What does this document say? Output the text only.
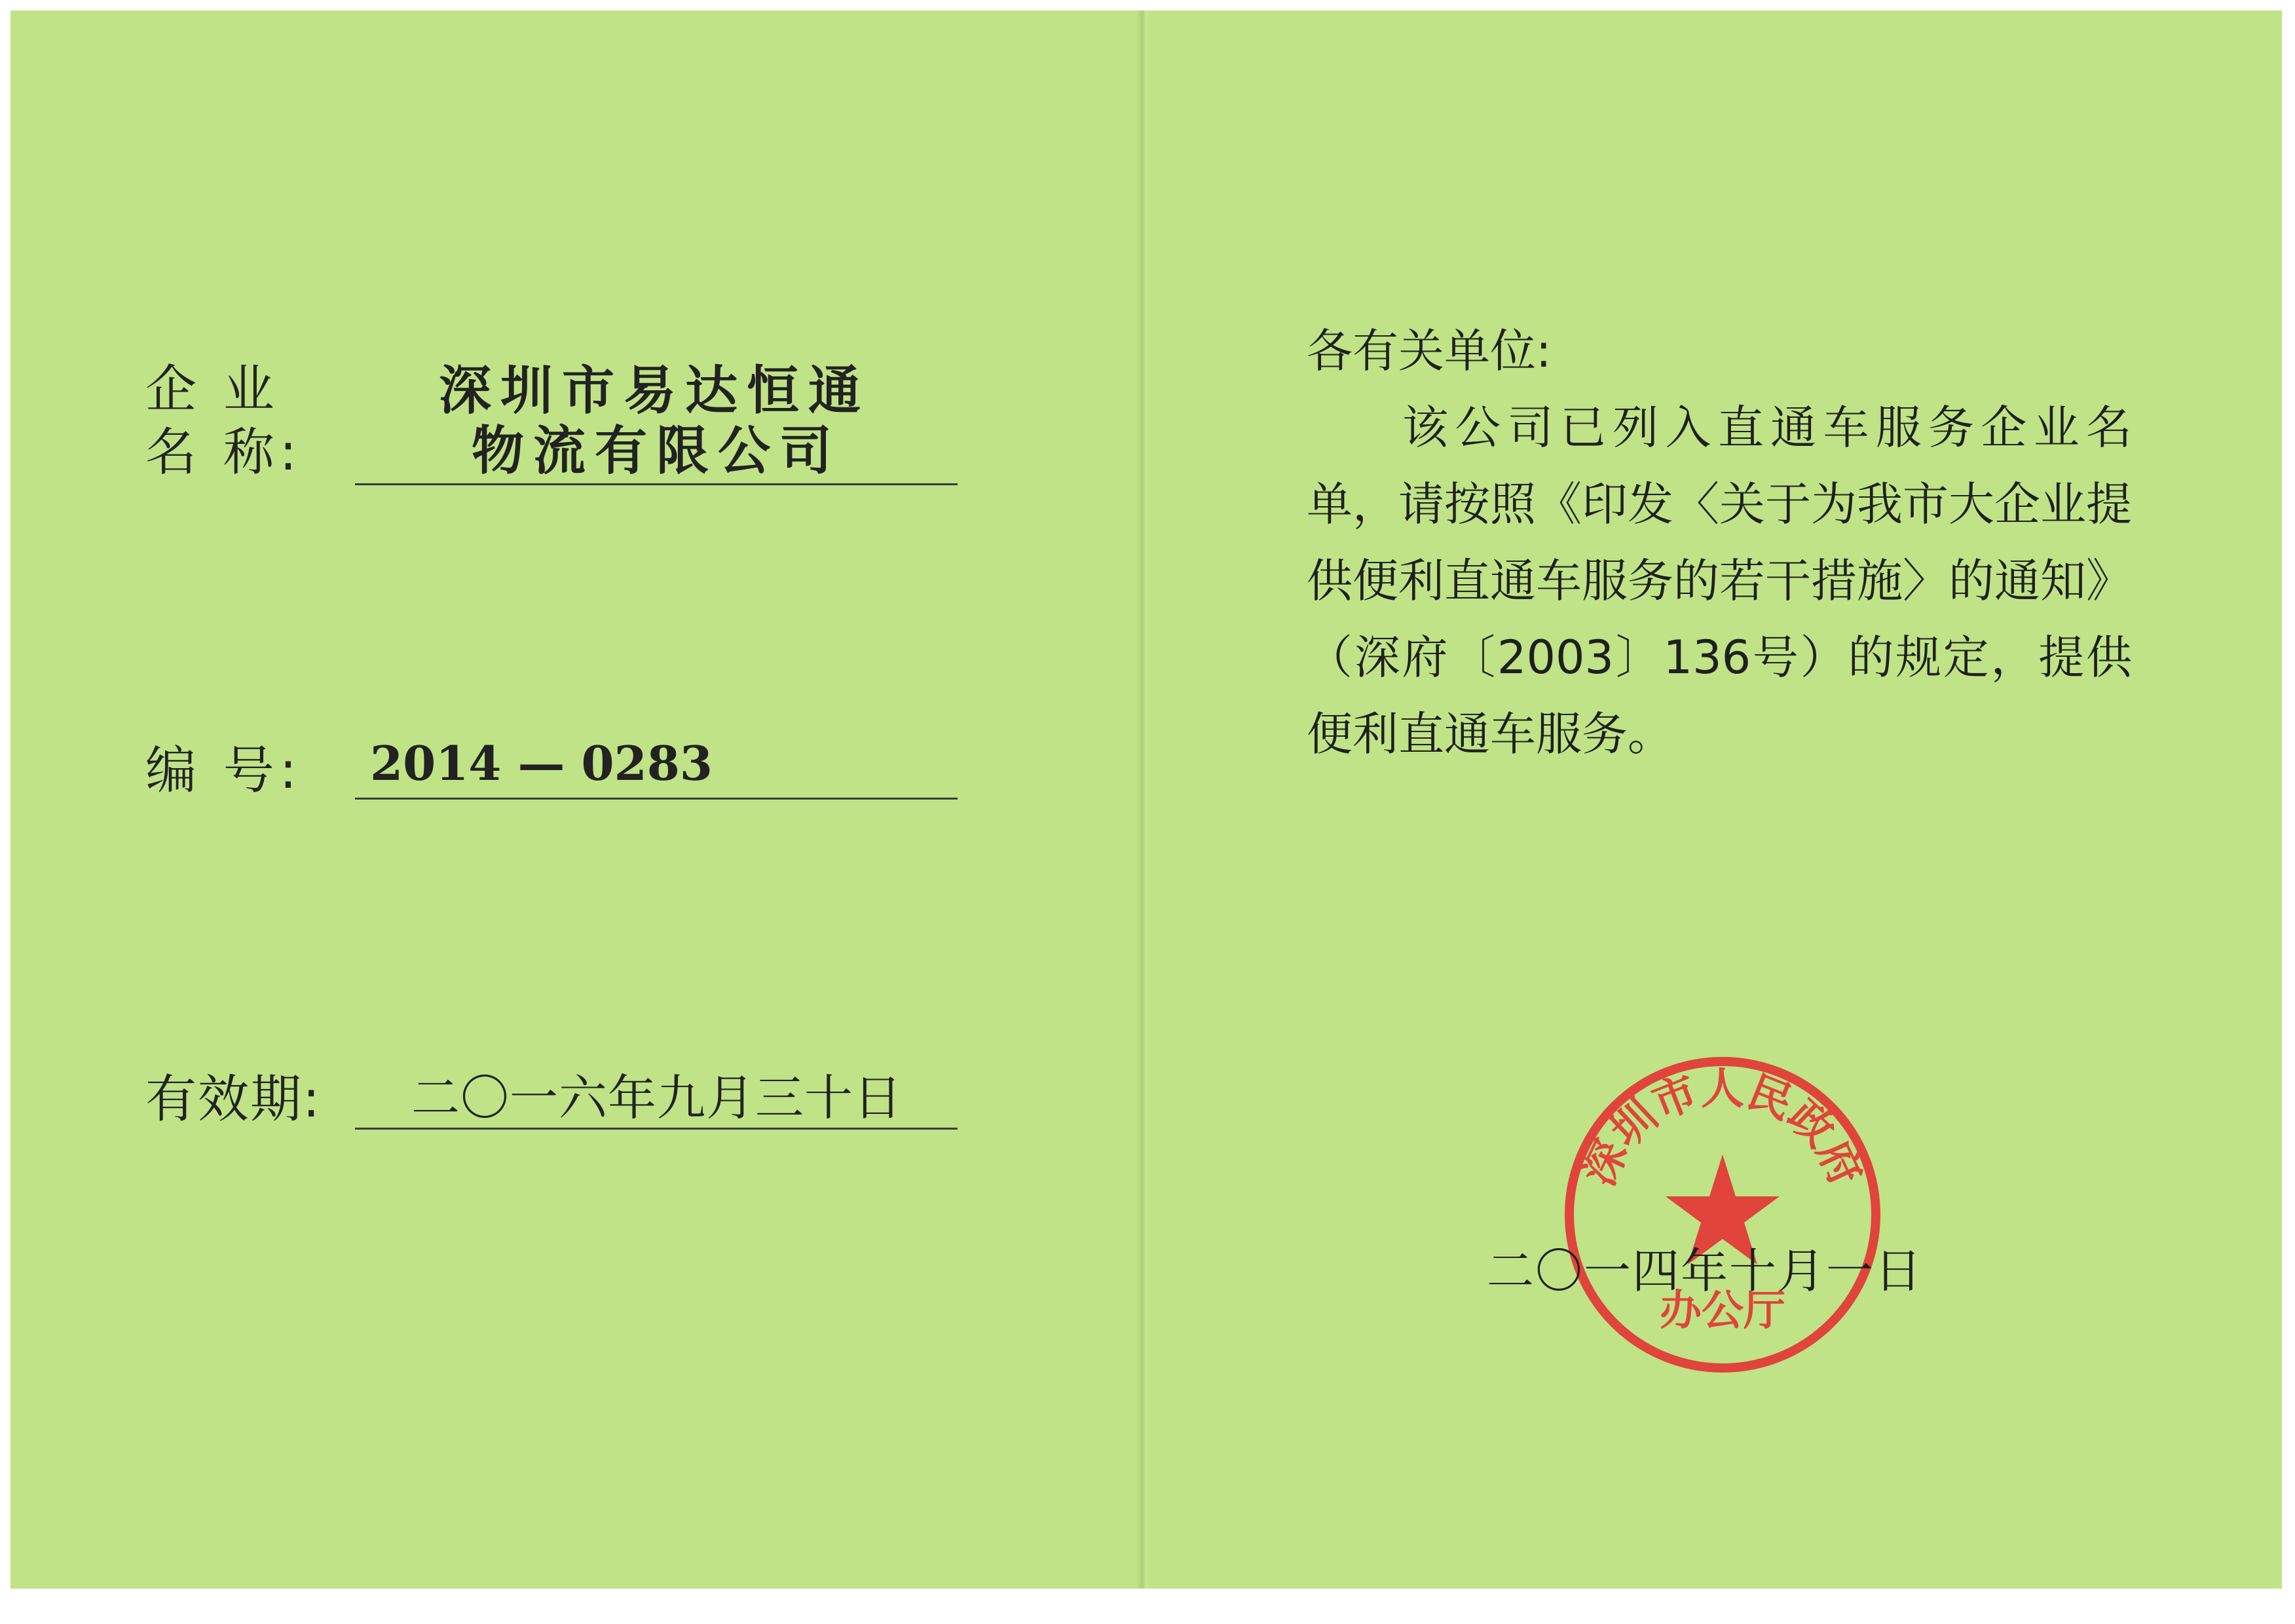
企 业
名 称:
深圳市易达恒通
物流有限公司
编 号: 2014 — 0283
有效期: 二〇一六年九月三十日
各有关单位:

该公司已列入直通车服务企业名单，请按照《印发〈关于为我市大企业提供便利直通车服务的若干措施〉的通知》（深府〔2003〕136号）的规定，提供便利直通车服务。

深圳市人民政府
办公厅
二〇一四年十月一日
